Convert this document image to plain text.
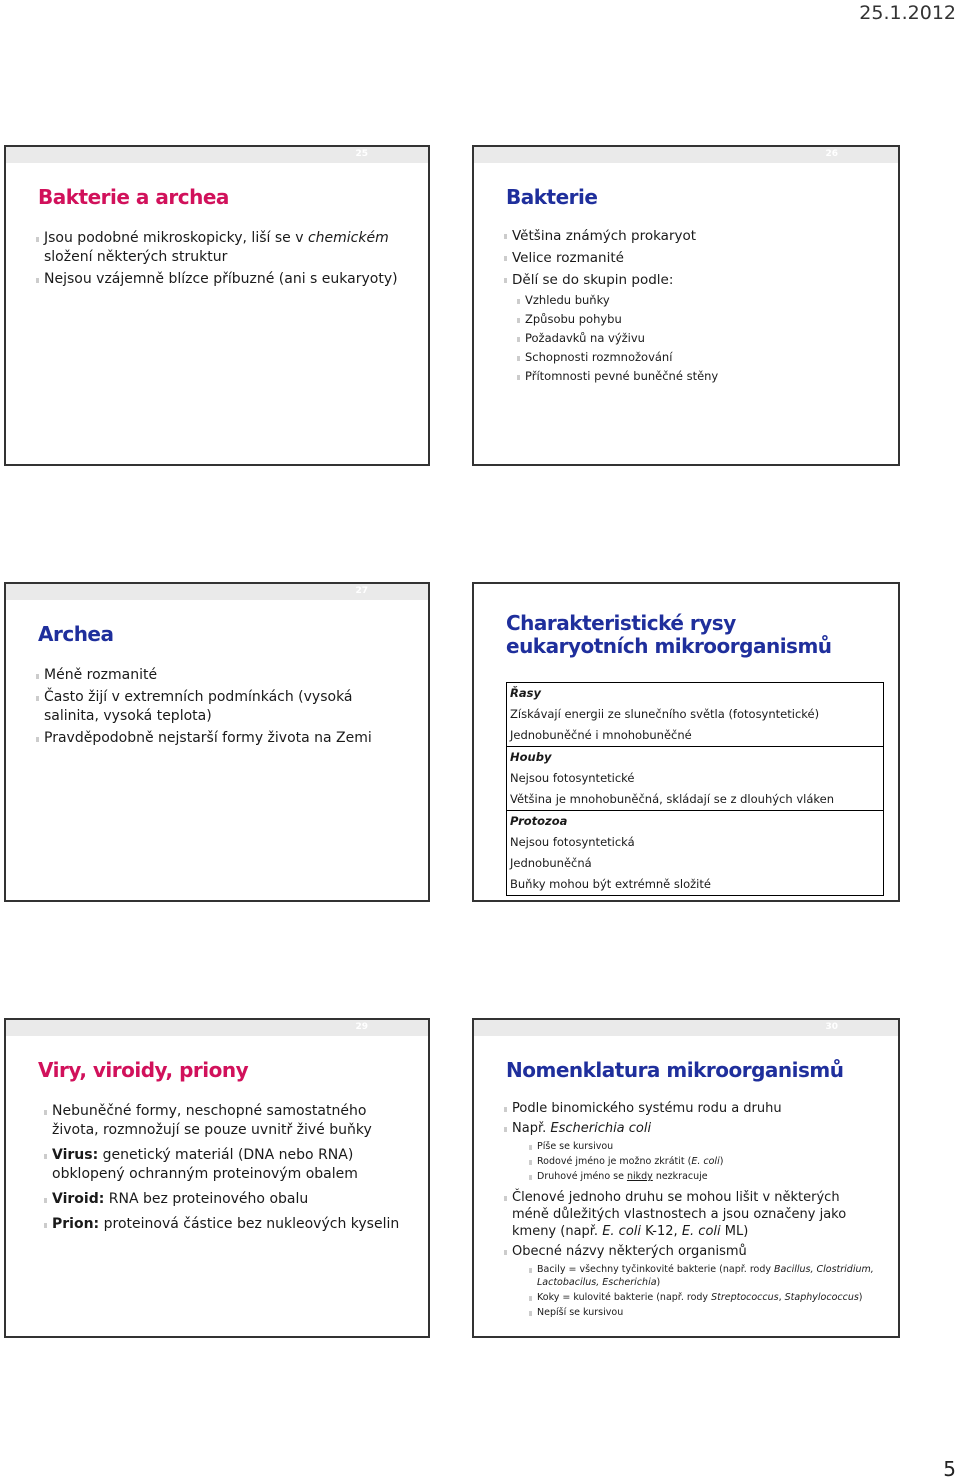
25.1.2012
25
Bakterie a archea
Jsou podobné mikroskopicky, liší se v chemickém složení některých struktur
Nejsou vzájemně blízce příbuzné (ani s eukaryoty)
26
Bakterie
Většina známých prokaryot
Velice rozmanité
Dělí se do skupin podle:
Vzhledu buňky
Způsobu pohybu
Požadavků na výživu
Schopnosti rozmnožování
Přítomnosti pevné buněčné stěny
27
Archea
Méně rozmanité
Často žijí v extremních podmínkách (vysoká salinita, vysoká teplota)
Pravděpodobně nejstarší formy života na Zemi
Charakteristické rysy eukaryotních mikroorganismů
Řasy
Získávají energii ze slunečního světla (fotosyntetické)
Jednobuněčné i mnohobuněčné

Houby
Nejsou fotosyntetické
Většina je mnohobuněčná, skládají se z dlouhých vláken

Protozoa
Nejsou fotosyntetická
Jednobuněčná
Buňky mohou být extrémně složité
29
Viry, viroidy, priony
Nebuněčné formy, neschopné samostatného života, rozmnožují se pouze uvnitř živé buňky
Virus: genetický materiál (DNA nebo RNA) obklopený ochranným proteinovým obalem
Viroid: RNA bez proteinového obalu
Prion: proteinová částice bez nukleových kyselin
30
Nomenklatura mikroorganismů
Podle binomického systému rodu a druhu
Např. Escherichia coli
Píše se kursivou
Rodové jméno je možno zkrátit (E. coli)
Druhové jméno se nikdy nezkracuje
Členové jednoho druhu se mohou lišit v některých méně důležitých vlastnostech a jsou označeny jako kmeny (např. E. coli K-12, E. coli ML)
Obecné názvy některých organismů
Bacily = všechny tyčinkovité bakterie (např. rody Bacillus, Clostridium, Lactobacilus, Escherichia)
Koky = kulovité bakterie (např. rody Streptococcus, Staphylococcus)
Nepíší se kursivou
5
